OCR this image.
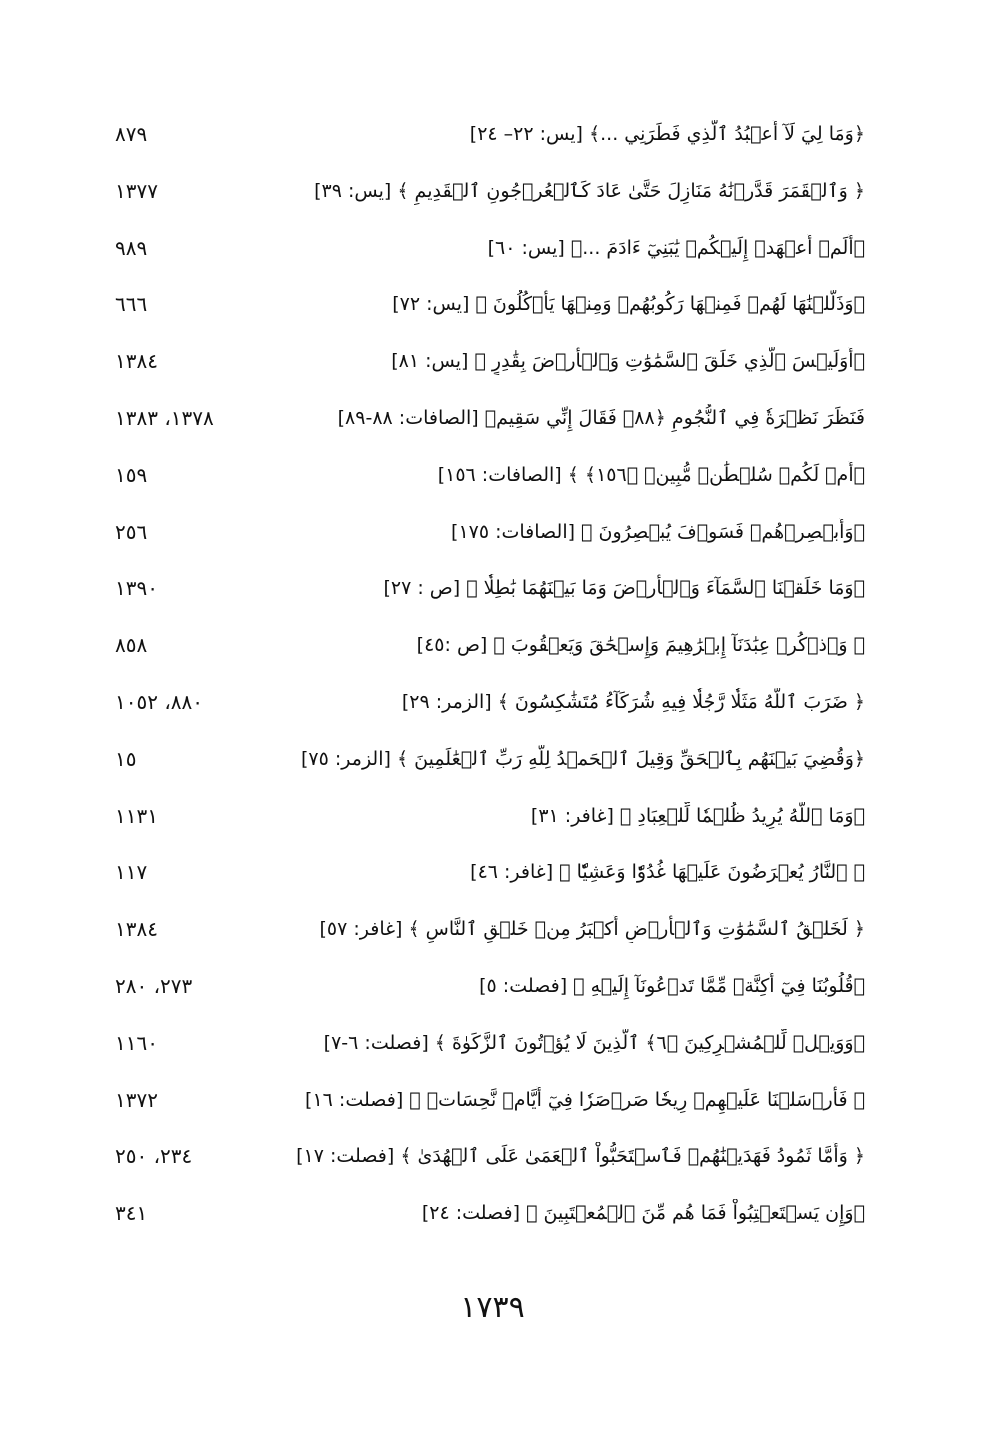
﴿وَمَا لِيَ لَآ أَعۡبُدُ ٱلَّذِي فَطَرَنِي ...﴾ [يس: ٢٢– ٢٤]
٨٧٩
﴿ وَٱلۡقَمَرَ قَدَّرۡنَٰهُ مَنَازِلَ حَتَّىٰ عَادَ كَٱلۡعُرۡجُونِ ٱلۡقَدِيمِ ﴾ [يس: ٣٩]
١٣٧٧
﴿أَلَمۡ أَعۡهَدۡ إِلَيۡكُمۡ يَٰبَنِيٓ ءَادَمَ ...﴾ [يس: ٦٠]
٩٨٩
﴿وَذَلَّلۡنَٰهَا لَهُمۡ فَمِنۡهَا رَكُوبُهُمۡ وَمِنۡهَا يَأۡكُلُونَ ﴾ [يس: ٧٢]
٦٦٦
﴿أَوَلَيۡسَ ٱلَّذِي خَلَقَ ٱلسَّمَٰوَٰتِ وَٱلۡأَرۡضَ بِقَٰدِرٍ ﴾ [يس: ٨١]
١٣٨٤
فَنَظَرَ نَظۡرَةٗ فِي ٱلنُّجُومِ ﴿٨٨﴾ فَقَالَ إِنِّي سَقِيمٞ [الصافات: ٨٨-٨٩]
١٣٧٨، ١٣٨٣
﴿أَمۡ لَكُمۡ سُلۡطَٰنٞ مُّبِينٞ ﴿١٥٦﴾ ﴾ [الصافات: ١٥٦]
١٥٩
﴿وَأَبۡصِرۡهُمۡ فَسَوۡفَ يُبۡصِرُونَ ﴾ [الصافات: ١٧٥]
٢٥٦
﴿وَمَا خَلَقۡنَا ٱلسَّمَآءَ وَٱلۡأَرۡضَ وَمَا بَيۡنَهُمَا بَٰطِلٗا ﴾ [ص : ٢٧]
١٣٩٠
﴿ وَٱذۡكُرۡ عِبَٰدَنَآ إِبۡرَٰهِيمَ وَإِسۡحَٰقَ وَيَعۡقُوبَ ﴾ [ص :٤٥]
٨٥٨
﴿ ضَرَبَ ٱللَّهُ مَثَلٗا رَّجُلٗا فِيهِ شُرَكَآءُ مُتَشَٰكِسُونَ ﴾ [الزمر: ٢٩]
٨٨٠، ١٠٥٢
﴿وَقُضِيَ بَيۡنَهُم بِٱلۡحَقِّ وَقِيلَ ٱلۡحَمۡدُ لِلَّهِ رَبِّ ٱلۡعَٰلَمِينَ ﴾ [الزمر: ٧٥]
١٥
﴿وَمَا ٱللَّهُ يُرِيدُ ظُلۡمٗا لِّلۡعِبَادِ ﴾ [غافر: ٣١]
١١٣١
﴿ ٱلنَّارُ يُعۡرَضُونَ عَلَيۡهَا غُدُوّٗا وَعَشِيّٗا ﴾ [غافر: ٤٦]
١١٧
﴿ لَخَلۡقُ ٱلسَّمَٰوَٰتِ وَٱلۡأَرۡضِ أَكۡبَرُ مِنۡ خَلۡقِ ٱلنَّاسِ ﴾ [غافر: ٥٧]
١٣٨٤
﴿قُلُوبُنَا فِيٓ أَكِنَّةٖ مِّمَّا تَدۡعُونَآ إِلَيۡهِ ﴾ [فصلت: ٥]
٢٧٣، ٢٨٠
﴿وَوَيۡلٞ لِّلۡمُشۡرِكِينَ ﴿٦﴾ ٱلَّذِينَ لَا يُؤۡتُونَ ٱلزَّكَوٰةَ ﴾ [فصلت: ٦-٧]
١١٦٠
﴿ فَأَرۡسَلۡنَا عَلَيۡهِمۡ رِيحٗا صَرۡصَرٗا فِيٓ أَيَّامٖ نَّحِسَاتٖ ﴾ [فصلت: ١٦]
١٣٧٢
﴿ وَأَمَّا ثَمُودُ فَهَدَيۡنَٰهُمۡ فَٱسۡتَحَبُّواْ ٱلۡعَمَىٰ عَلَى ٱلۡهُدَىٰ ﴾ [فصلت: ١٧]
٢٣٤، ٢٥٠
﴿وَإِن يَسۡتَعۡتِبُواْ فَمَا هُم مِّنَ ٱلۡمُعۡتَبِينَ ﴾ [فصلت: ٢٤]
٣٤١
١٧٣٩
